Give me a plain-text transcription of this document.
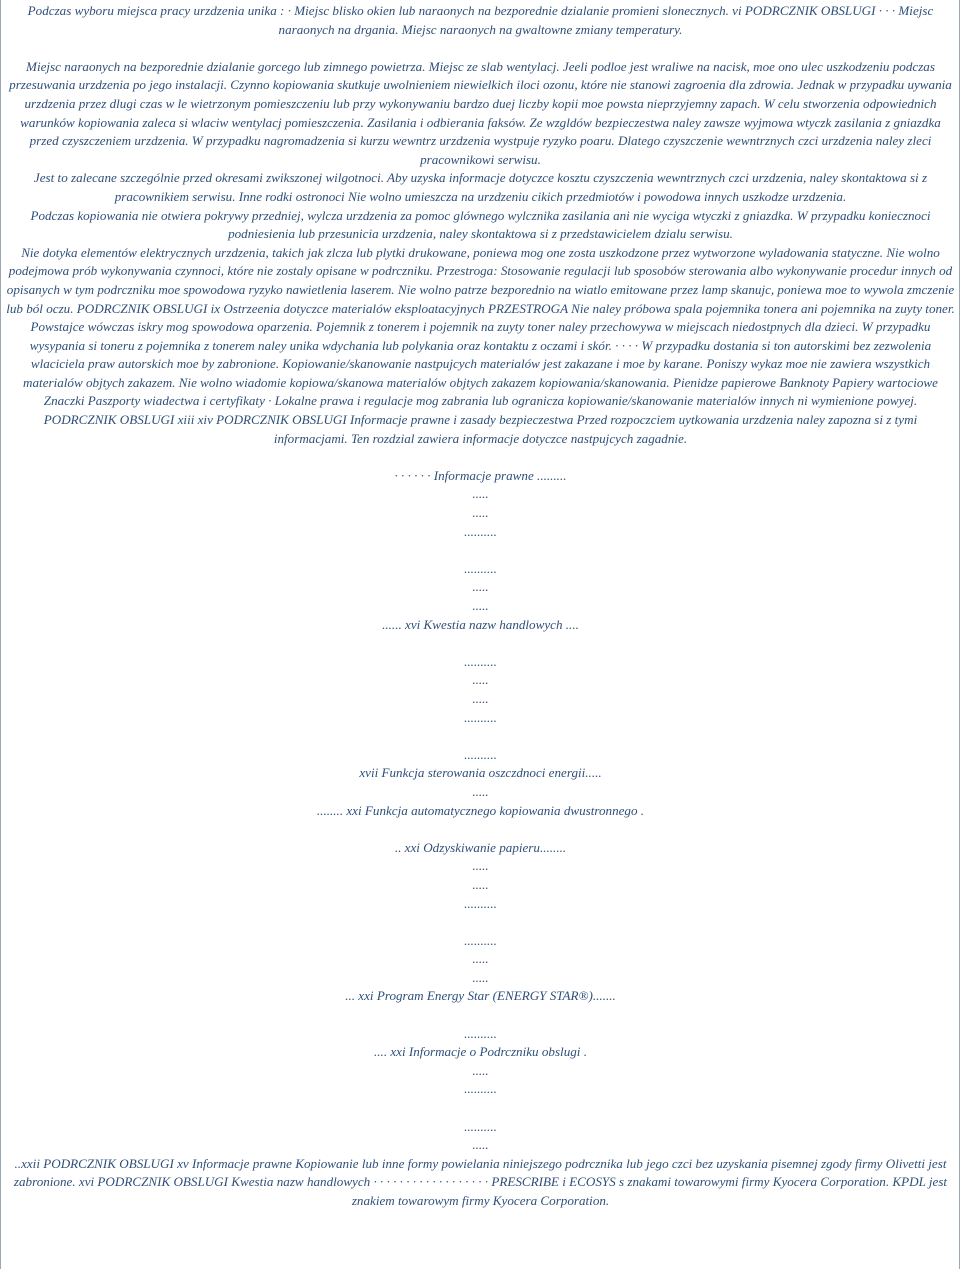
Podczas wyboru miejsca pracy urzdzenia unika : · Miejsc blisko okien lub naraonych na bezporednie dzialanie promieni slonecznych. vi PODRCZNIK OBSLUGI · · · Miejsc naraonych na drgania. Miejsc naraonych na gwaltowne zmiany temperatury.

Miejsc naraonych na bezporednie dzialanie gorcego lub zimnego powietrza. Miejsc ze slab wentylacj. Jeeli podloe jest wraliwe na nacisk, moe ono ulec uszkodzeniu podczas przesuwania urzdzenia po jego instalacji. Czynno kopiowania skutkuje uwolnieniem niewielkich iloci ozonu, które nie stanowi zagroenia dla zdrowia. Jednak w przypadku uywania urzdzenia przez dlugi czas w le wietrzonym pomieszczeniu lub przy wykonywaniu bardzo duej liczby kopii moe powsta nieprzyjemny zapach. W celu stworzenia odpowiednich warunków kopiowania zaleca si wlaciw wentylacj pomieszczenia. Zasilania i odbierania faksów. Ze wzgldów bezpieczestwa naley zawsze wyjmowa wtyczk zasilania z gniazdka przed czyszczeniem urzdzenia. W przypadku nagromadzenia si kurzu wewntrz urzdzenia wystpuje ryzyko poaru. Dlatego czyszczenie wewntrznych czci urzdzenia naley zleci pracownikowi serwisu.

Jest to zalecane szczególnie przed okresami zwikszonej wilgotnoci. Aby uzyska informacje dotyczce kosztu czyszczenia wewntrznych czci urzdzenia, naley skontaktowa si z pracownikiem serwisu. Inne rodki ostronoci Nie wolno umieszcza na urzdzeniu cikich przedmiotów i powodowa innych uszkodze urzdzenia.

Podczas kopiowania nie otwiera pokrywy przedniej, wylcza urzdzenia za pomoc glównego wylcznika zasilania ani nie wyciga wtyczki z gniazdka. W przypadku koniecznoci podniesienia lub przesunicia urzdzenia, naley skontaktowa si z przedstawicielem dzialu serwisu.

Nie dotyka elementów elektrycznych urzdzenia, takich jak zlcza lub plytki drukowane, poniewa mog one zosta uszkodzone przez wytworzone wyladowania statyczne. Nie wolno podejmowa prób wykonywania czynnoci, które nie zostaly opisane w podrczniku. Przestroga: Stosowanie regulacji lub sposobów sterowania albo wykonywanie procedur innych od opisanych w tym podrczniku moe spowodowa ryzyko nawietlenia laserem. Nie wolno patrze bezporednio na wiatlo emitowane przez lamp skanujc, poniewa moe to wywola zmczenie lub ból oczu. PODRCZNIK OBSLUGI ix Ostrzeenia dotyczce materialów eksploatacyjnych PRZESTROGA Nie naley próbowa spala pojemnika tonera ani pojemnika na zuyty toner.

Powstajce wówczas iskry mog spowodowa oparzenia. Pojemnik z tonerem i pojemnik na zuyty toner naley przechowywa w miejscach niedostpnych dla dzieci. W przypadku wysypania si toneru z pojemnika z tonerem naley unika wdychania lub polykania oraz kontaktu z oczami i skór. · · · · W przypadku dostania si ton autorskimi bez zezwolenia wlaciciela praw autorskich moe by zabronione. Kopiowanie/skanowanie nastpujcych materialów jest zakazane i moe by karane. Poniszy wykaz moe nie zawiera wszystkich materialów objtych zakazem. Nie wolno wiadomie kopiowa/skanowa materialów objtych zakazem kopiowania/skanowania. Pienidze papierowe Banknoty Papiery wartociowe Znaczki Paszporty wiadectwa i certyfikaty · Lokalne prawa i regulacje mog zabrania lub ogranicza kopiowanie/skanowanie materialów innych ni wymienione powyej. PODRCZNIK OBSLUGI xiii xiv PODRCZNIK OBSLUGI Informacje prawne i zasady bezpieczestwa Przed rozpoczciem uytkowania urzdzenia naley zapozna si z tymi informacjami. Ten rozdzial zawiera informacje dotyczce nastpujcych zagadnie.

· · · · · · Informacje prawne .........
.....
.....
..........
..........
.....
.....
...... xvi Kwestia nazw handlowych ....
..........
.....
.....
..........
..........
xvii Funkcja sterowania oszczdnoci energii.....
.....
........ xxi Funkcja automatycznego kopiowania dwustronnego .
.. xxi Odzyskiwanie papieru........
.....
.....
..........
..........
.....
.....
... xxi Program Energy Star (ENERGY STAR®).......
..........
.... xxi Informacje o Podrczniku obslugi .
.....
..........
..........
.....

..xxii PODRCZNIK OBSLUGI xv Informacje prawne Kopiowanie lub inne formy powielania niniejszego podrcznika lub jego czci bez uzyskania pisemnej zgody firmy Olivetti jest zabronione. xvi PODRCZNIK OBSLUGI Kwestia nazw handlowych · · · · · · · · · · · · · · · · · · PRESCRIBE i ECOSYS s znakami towarowymi firmy Kyocera Corporation. KPDL jest znakiem towarowym firmy Kyocera Corporation.
